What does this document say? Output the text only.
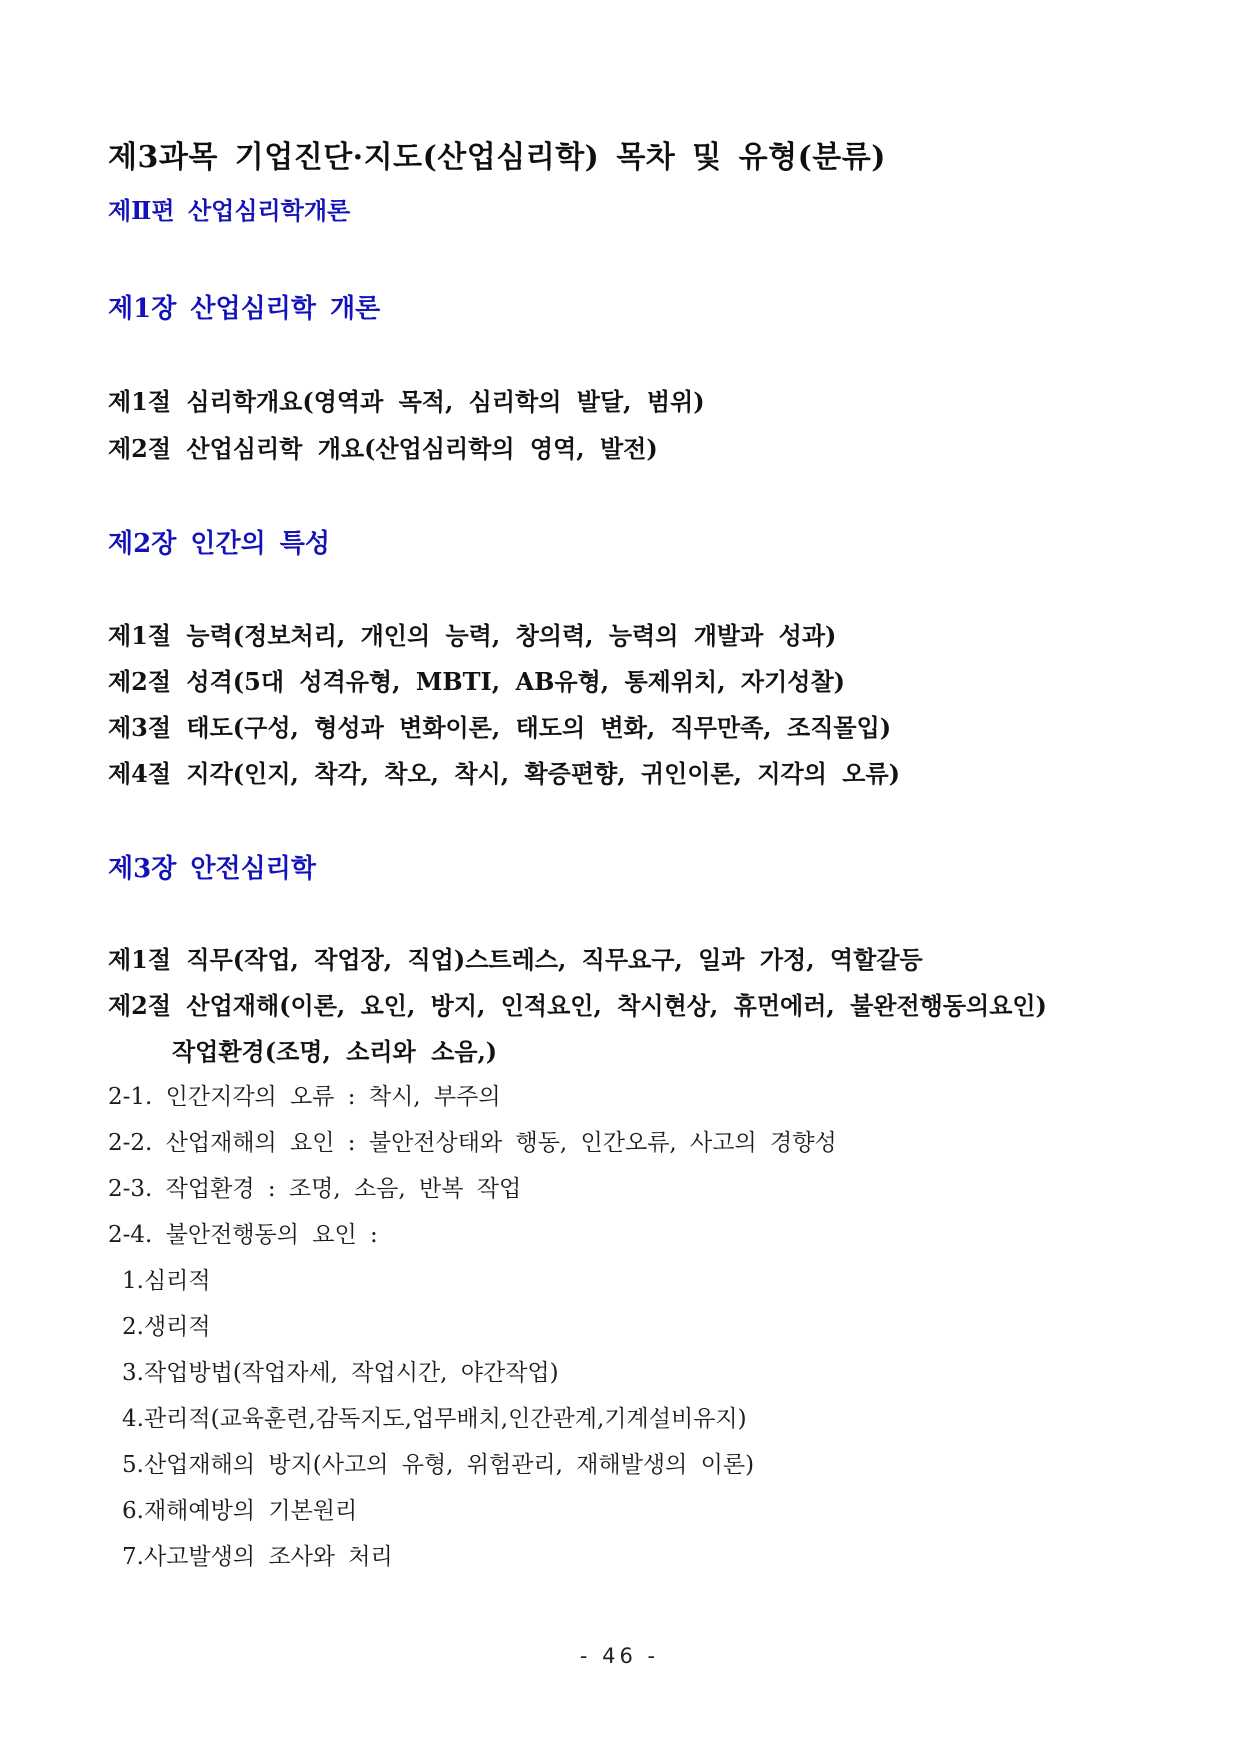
제3과목 기업진단·지도(산업심리학) 목차 및 유형(분류)
제Ⅱ편 산업심리학개론
제1장 산업심리학 개론
제1절 심리학개요(영역과 목적, 심리학의 발달, 범위)
제2절 산업심리학 개요(산업심리학의 영역, 발전)
제2장 인간의 특성
제1절 능력(정보처리, 개인의 능력, 창의력, 능력의 개발과 성과)
제2절 성격(5대 성격유형, MBTI, AB유형, 통제위치, 자기성찰)
제3절 태도(구성, 형성과 변화이론, 태도의 변화, 직무만족, 조직몰입)
제4절 지각(인지, 착각, 착오, 착시, 확증편향, 귀인이론, 지각의 오류)
제3장 안전심리학
제1절 직무(작업, 작업장, 직업)스트레스, 직무요구, 일과 가정, 역할갈등
제2절 산업재해(이론, 요인, 방지, 인적요인, 착시현상, 휴먼에러, 불완전행동의요인)
작업환경(조명, 소리와 소음,)
2-1. 인간지각의 오류 : 착시, 부주의
2-2. 산업재해의 요인 : 불안전상태와 행동, 인간오류, 사고의 경향성
2-3. 작업환경 : 조명, 소음, 반복 작업
2-4. 불안전행동의 요인 :
1.심리적
2.생리적
3.작업방법(작업자세, 작업시간, 야간작업)
4.관리적(교육훈련,감독지도,업무배치,인간관계,기계설비유지)
5.산업재해의 방지(사고의 유형, 위험관리, 재해발생의 이론)
6.재해예방의 기본원리
7.사고발생의 조사와 처리
- 46 -
